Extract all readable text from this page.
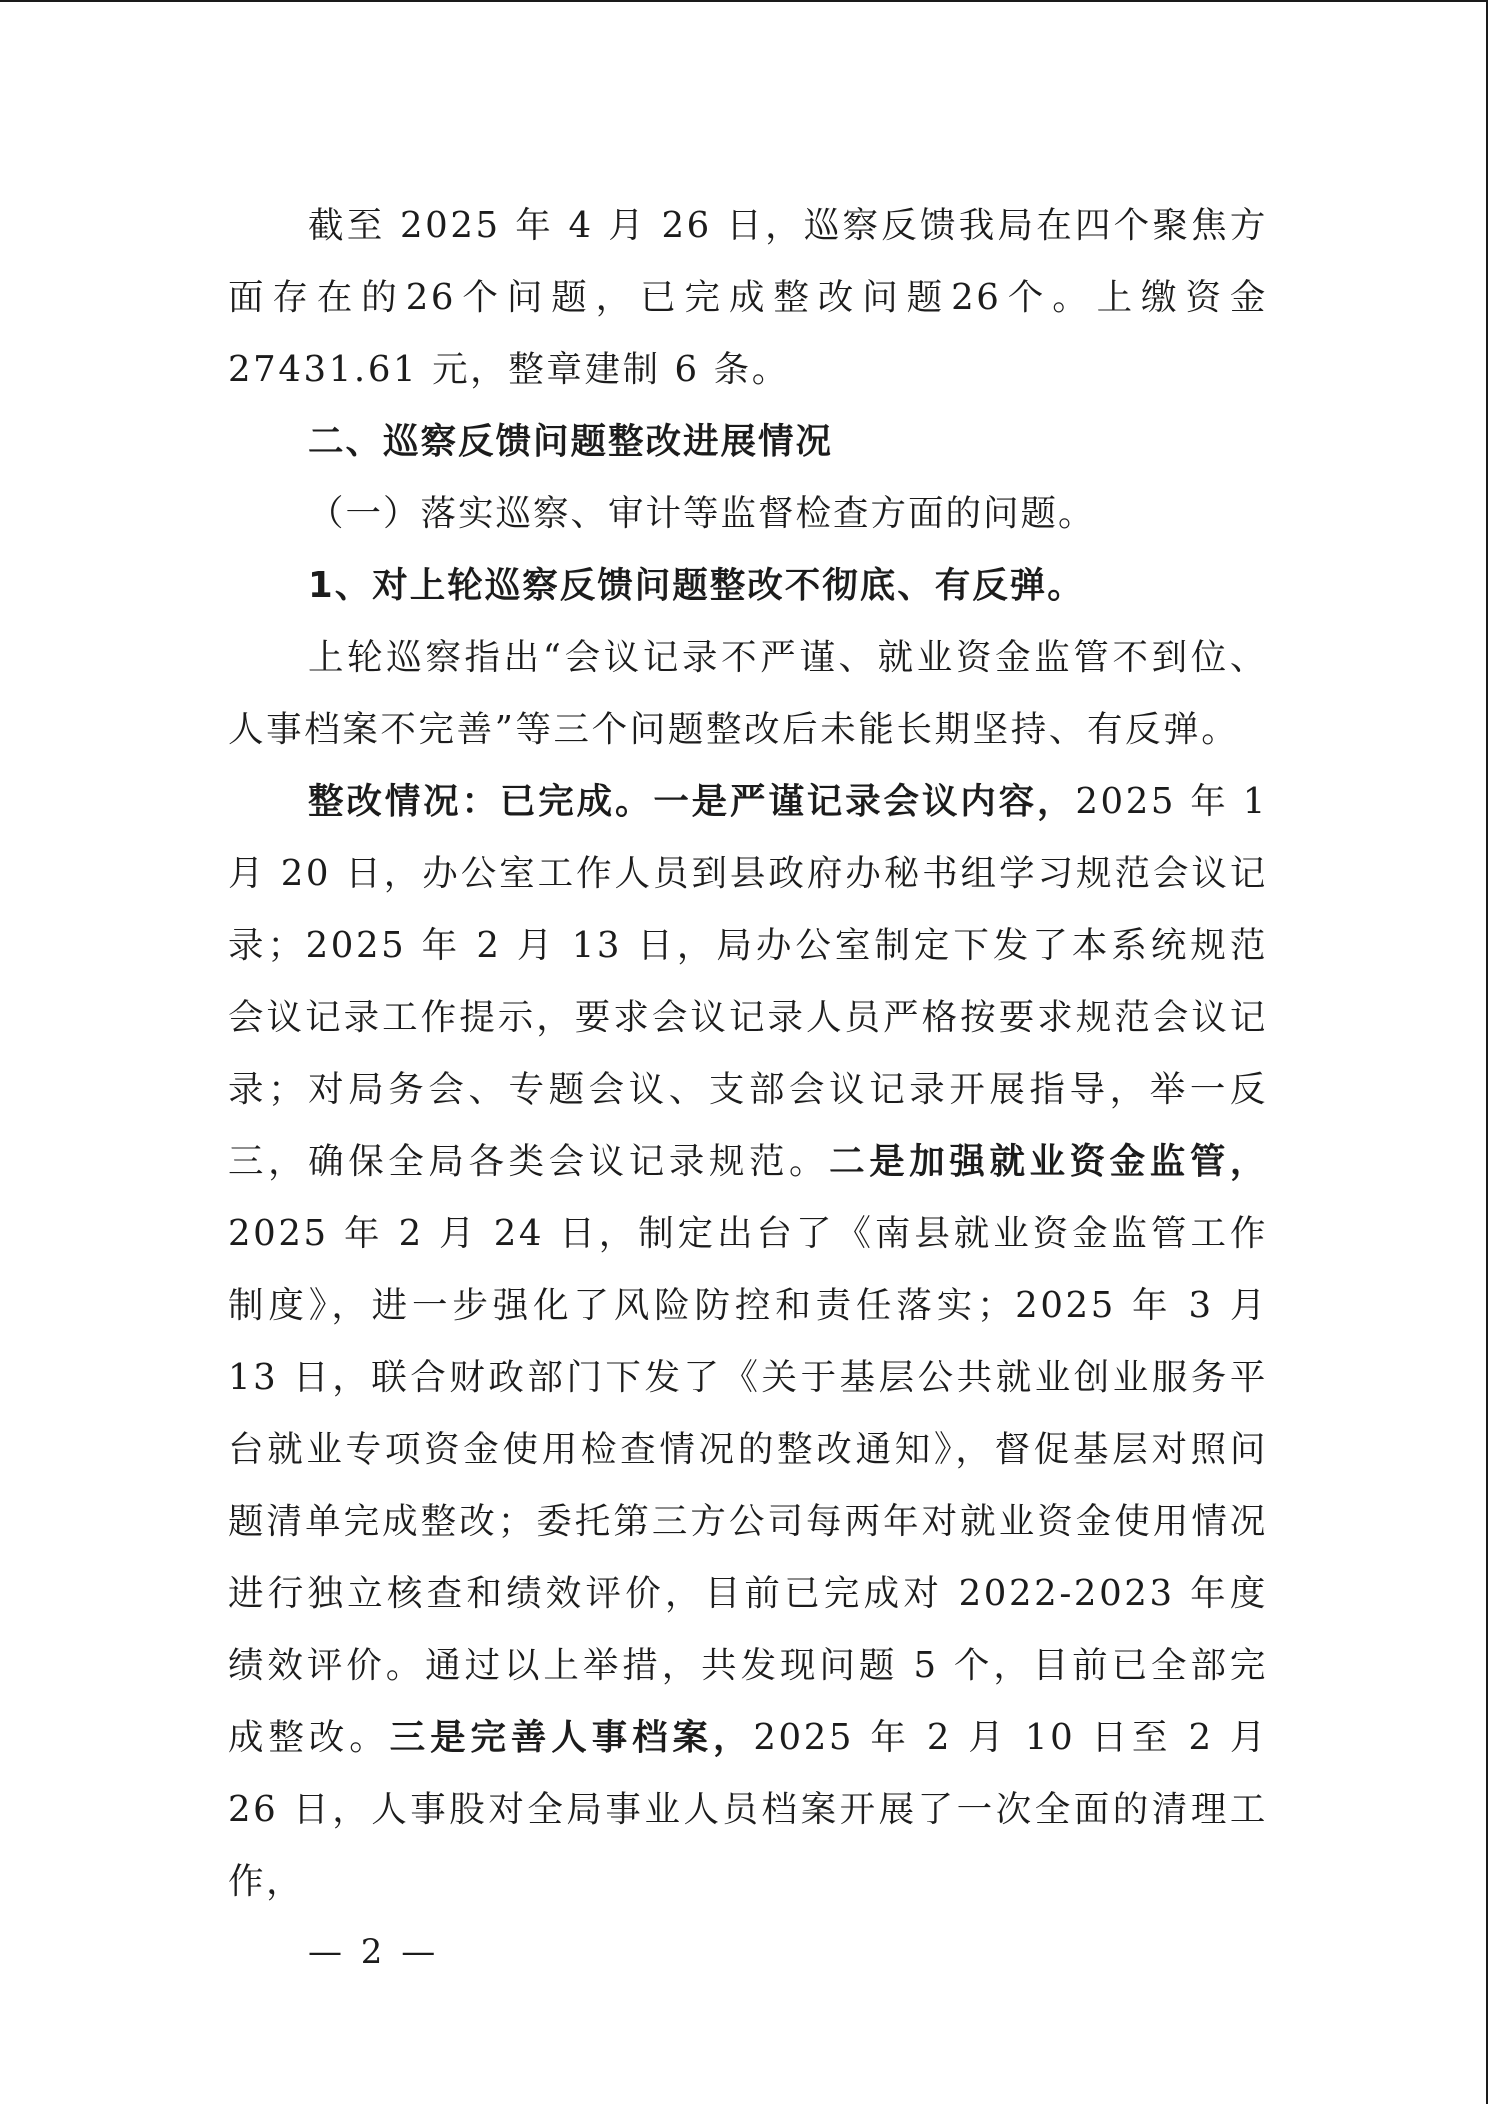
截至 2025 年 4 月 26 日，巡察反馈我局在四个聚焦方面存在的26个问题，已完成整改问题26个。上缴资金 27431.61 元，整章建制 6 条。

二、巡察反馈问题整改进展情况

（一）落实巡察、审计等监督检查方面的问题。

1、对上轮巡察反馈问题整改不彻底、有反弹。

上轮巡察指出“会议记录不严谨、就业资金监管不到位、人事档案不完善”等三个问题整改后未能长期坚持、有反弹。

整改情况：已完成。一是严谨记录会议内容，2025 年 1 月 20 日，办公室工作人员到县政府办秘书组学习规范会议记录；2025 年 2 月 13 日，局办公室制定下发了本系统规范会议记录工作提示，要求会议记录人员严格按要求规范会议记录；对局务会、专题会议、支部会议记录开展指导，举一反三，确保全局各类会议记录规范。二是加强就业资金监管，2025 年 2 月 24 日，制定出台了《南县就业资金监管工作制度》，进一步强化了风险防控和责任落实；2025 年 3 月 13 日，联合财政部门下发了《关于基层公共就业创业服务平台就业专项资金使用检查情况的整改通知》，督促基层对照问题清单完成整改；委托第三方公司每两年对就业资金使用情况进行独立核查和绩效评价，目前已完成对 2022-2023 年度绩效评价。通过以上举措，共发现问题 5 个，目前已全部完成整改。三是完善人事档案，2025 年 2 月 10 日至 2 月 26 日，人事股对全局事业人员档案开展了一次全面的清理工作，

— 2 —
